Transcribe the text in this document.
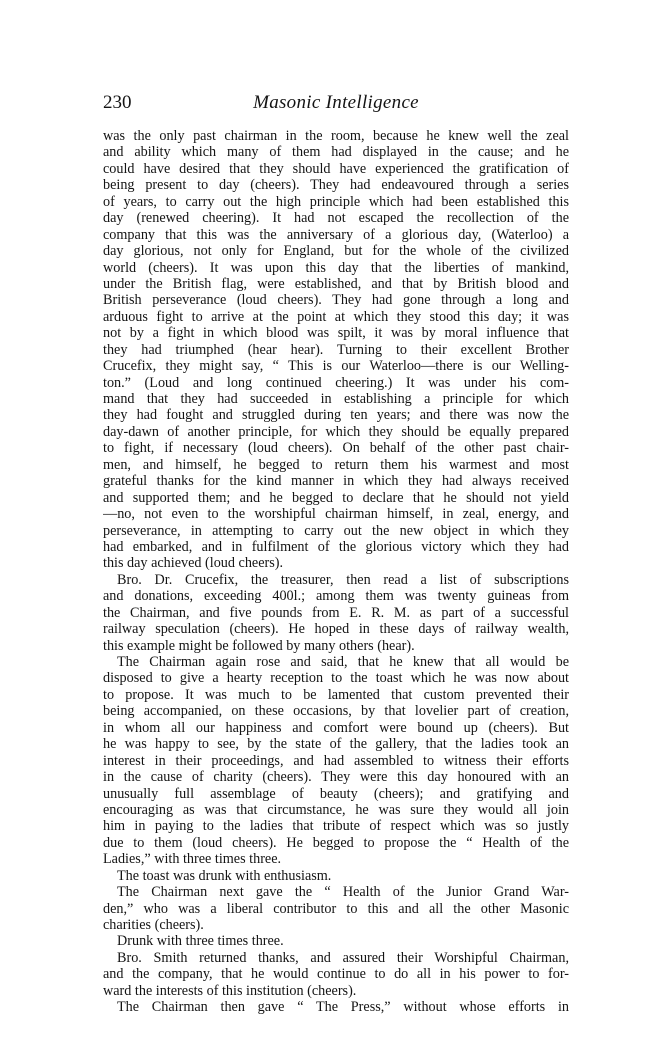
230	Masonic Intelligence
was the only past chairman in the room, because he knew well the zeal
and ability which many of them had displayed in the cause; and he
could have desired that they should have experienced the gratification of
being present to day (cheers). They had endeavoured through a series
of years, to carry out the high principle which had been established this
day (renewed cheering). It had not escaped the recollection of the
company that this was the anniversary of a glorious day, (Waterloo) a
day glorious, not only for England, but for the whole of the civilized
world (cheers). It was upon this day that the liberties of mankind,
under the British flag, were established, and that by British blood and
British perseverance (loud cheers). They had gone through a long and
arduous fight to arrive at the point at which they stood this day; it was
not by a fight in which blood was spilt, it was by moral influence that
they had triumphed (hear hear). Turning to their excellent Brother
Crucefix, they might say, “ This is our Waterloo—there is our Welling-
ton.” (Loud and long continued cheering.) It was under his com-
mand that they had succeeded in establishing a principle for which
they had fought and struggled during ten years; and there was now the
day-dawn of another principle, for which they should be equally prepared
to fight, if necessary (loud cheers). On behalf of the other past chair-
men, and himself, he begged to return them his warmest and most
grateful thanks for the kind manner in which they had always received
and supported them; and he begged to declare that he should not yield
—no, not even to the worshipful chairman himself, in zeal, energy, and
perseverance, in attempting to carry out the new object in which they
had embarked, and in fulfilment of the glorious victory which they had
this day achieved (loud cheers).
Bro. Dr. Crucefix, the treasurer, then read a list of subscriptions
and donations, exceeding 400l.; among them was twenty guineas from
the Chairman, and five pounds from E. R. M. as part of a successful
railway speculation (cheers). He hoped in these days of railway wealth,
this example might be followed by many others (hear).
The Chairman again rose and said, that he knew that all would be
disposed to give a hearty reception to the toast which he was now about
to propose. It was much to be lamented that custom prevented their
being accompanied, on these occasions, by that lovelier part of creation,
in whom all our happiness and comfort were bound up (cheers). But
he was happy to see, by the state of the gallery, that the ladies took an
interest in their proceedings, and had assembled to witness their efforts
in the cause of charity (cheers). They were this day honoured with an
unusually full assemblage of beauty (cheers); and gratifying and
encouraging as was that circumstance, he was sure they would all join
him in paying to the ladies that tribute of respect which was so justly
due to them (loud cheers). He begged to propose the “ Health of the
Ladies,” with three times three.
The toast was drunk with enthusiasm.
The Chairman next gave the “ Health of the Junior Grand War-
den,” who was a liberal contributor to this and all the other Masonic
charities (cheers).
Drunk with three times three.
Bro. Smith returned thanks, and assured their Worshipful Chairman,
and the company, that he would continue to do all in his power to for-
ward the interests of this institution (cheers).
The Chairman then gave “ The Press,” without whose efforts in
